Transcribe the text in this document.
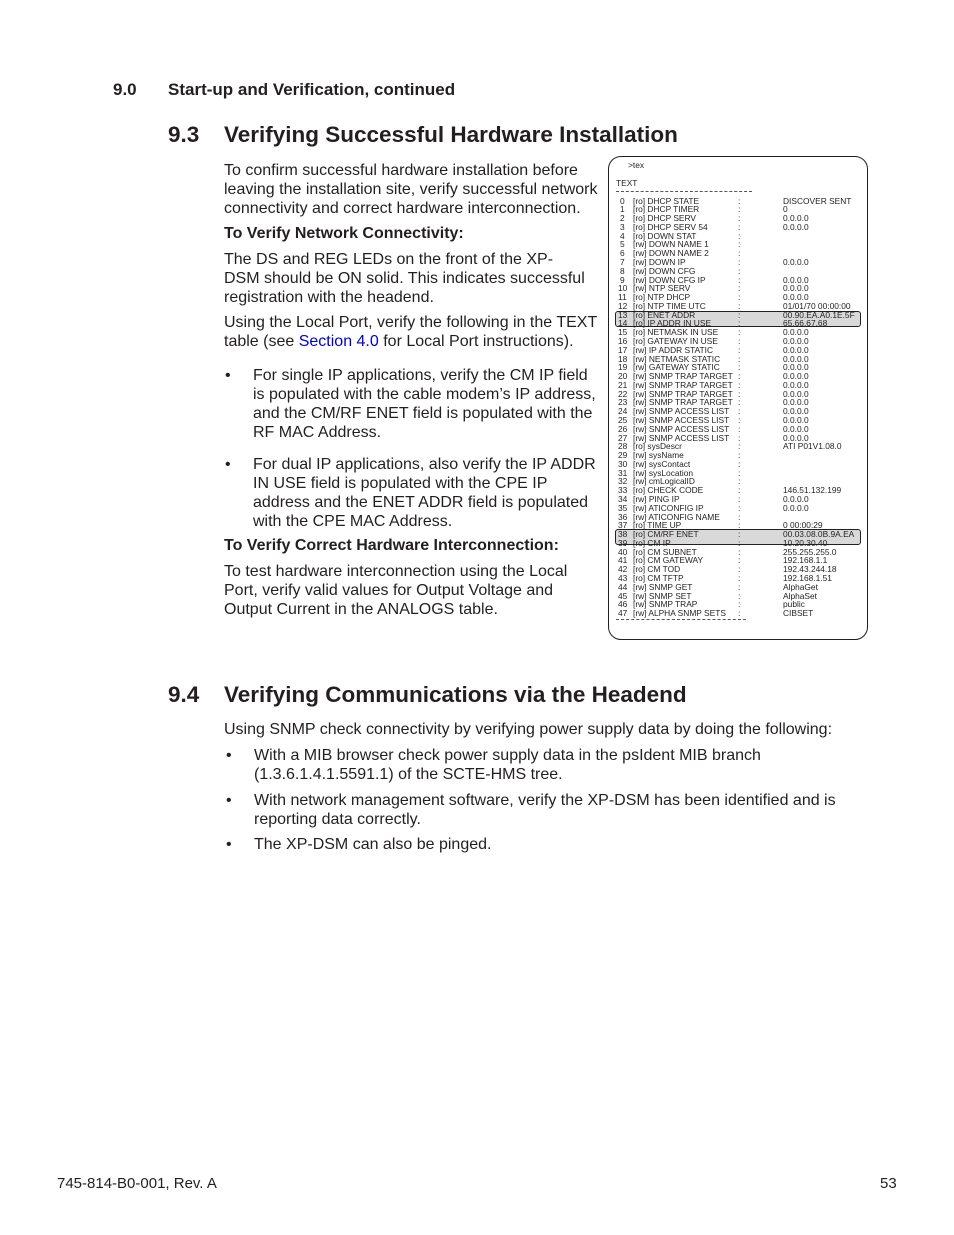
9.0 Start-up and Verification, continued
9.3 Verifying Successful Hardware Installation
To confirm successful hardware installation before
leaving the installation site, verify successful network
connectivity and correct hardware interconnection.
To Verify Network Connectivity:
The DS and REG LEDs on the front of the XP-
DSM should be ON solid. This indicates successful
registration with the headend.
Using the Local Port, verify the following in the TEXT
table (see Section 4.0 for Local Port instructions).
• For single IP applications, verify the CM IP field
is populated with the cable modem’s IP address,
and the CM/RF ENET field is populated with the
RF MAC Address.
• For dual IP applications, also verify the IP ADDR
IN USE field is populated with the CPE IP
address and the ENET ADDR field is populated
with the CPE MAC Address.
To Verify Correct Hardware Interconnection:
To test hardware interconnection using the Local
Port, verify valid values for Output Voltage and
Output Current in the ANALOGS table.
>tex
TEXT
0 [ro] DHCP STATE	:	DISCOVER SENT
1 [ro] DHCP TIMER	:	0
2 [ro] DHCP SERV	:	0.0.0.0
3 [ro] DHCP SERV 54	:	0.0.0.0
4 [ro] DOWN STAT	:
5 [rw] DOWN NAME 1	:
6 [rw] DOWN NAME 2	:
7 [rw] DOWN IP	:	0.0.0.0
8 [rw] DOWN CFG	:
9 [rw] DOWN CFG IP	:	0.0.0.0
10 [rw] NTP SERV	:	0.0.0.0
11 [ro] NTP DHCP	:	0.0.0.0
12 [ro] NTP TIME UTC	:	01/01/70 00:00:00
13 [ro] ENET ADDR	:	00.90.EA.A0.1E.5F
14 [ro] IP ADDR IN USE	:	65.66.67.68
15 [ro] NETMASK IN USE :	0.0.0.0
16 [ro] GATEWAY IN USE :	0.0.0.0
17 [rw] IP ADDR STATIC	:	0.0.0.0
18 [rw] NETMASK STATIC :	0.0.0.0
19 [rw] GATEWAY STATIC :	0.0.0.0
20 [rw] SNMP TRAP TARGET :	0.0.0.0
21 [rw] SNMP TRAP TARGET :	0.0.0.0
22 [rw] SNMP TRAP TARGET :	0.0.0.0
23 [rw] SNMP TRAP TARGET :	0.0.0.0
24 [rw] SNMP ACCESS LIST :	0.0.0.0
25 [rw] SNMP ACCESS LIST :	0.0.0.0
26 [rw] SNMP ACCESS LIST :	0.0.0.0
27 [rw] SNMP ACCESS LIST :	0.0.0.0
28 [ro] sysDescr	:	ATI P01V1.08.0
29 [rw] sysName	:
30 [rw] sysContact	:
31 [rw] sysLocation	:
32 [rw] cmLogicalID	:
33 [ro] CHECK CODE	:	146.51.132.199
34 [rw] PING IP	:	0.0.0.0
35 [rw] ATICONFIG IP	:	0.0.0.0
36 [rw] ATICONFIG NAME :
37 [ro] TIME UP	:	0 00:00:29
38 [ro] CM/RF ENET	:	00.03.08.0B.9A.EA
39 [ro] CM IP	:	10.20.30.40
40 [ro] CM SUBNET	:	255.255.255.0
41 [ro] CM GATEWAY	:	192.168.1.1
42 [ro] CM TOD	:	192.43.244.18
43 [ro] CM TFTP	:	192.168.1.51
44 [rw] SNMP GET	:	AlphaGet
45 [rw] SNMP SET	:	AlphaSet
46 [rw] SNMP TRAP	:	public
47 [rw] ALPHA SNMP SETS :	CIBSET
9.4 Verifying Communications via the Headend
Using SNMP check connectivity by verifying power supply data by doing the following:
• With a MIB browser check power supply data in the psIdent MIB branch
(1.3.6.1.4.1.5591.1) of the SCTE-HMS tree.
• With network management software, verify the XP-DSM has been identified and is
reporting data correctly.
• The XP-DSM can also be pinged.
745-814-B0-001, Rev. A	53
